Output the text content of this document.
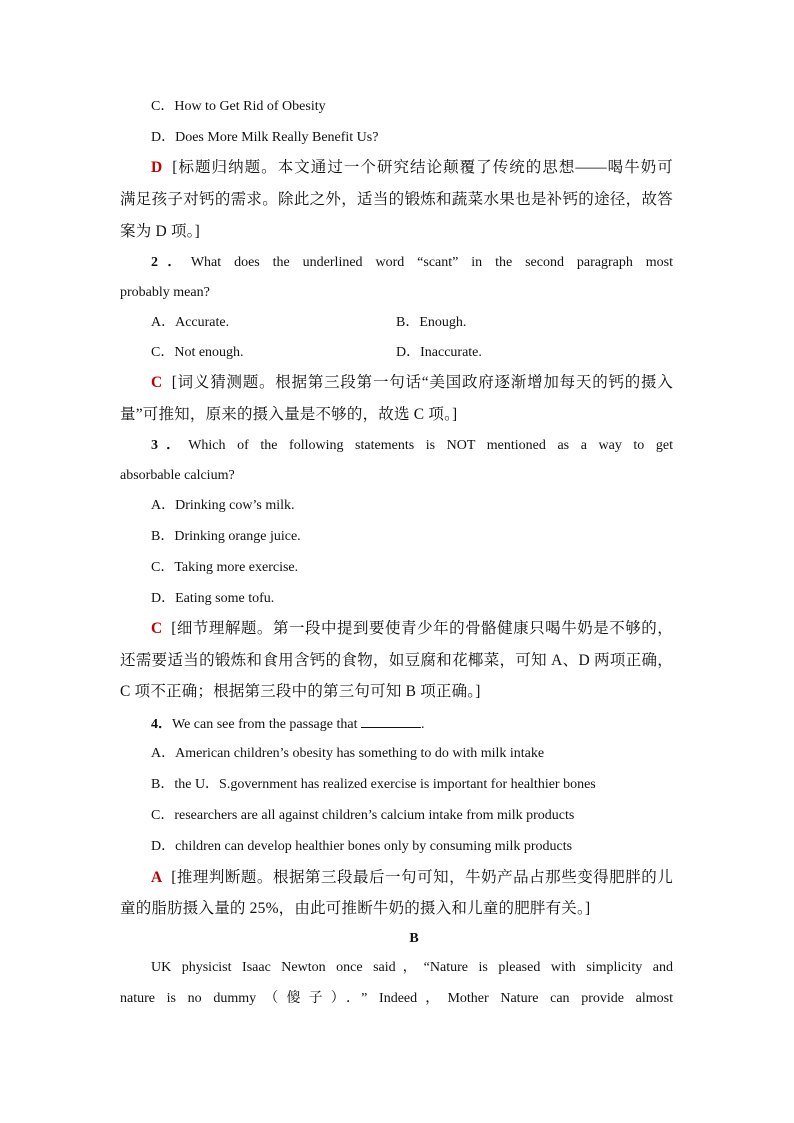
C．How to Get Rid of Obesity
D．Does More Milk Really Benefit Us?
D [标题归纳题。本文通过一个研究结论颠覆了传统的思想——喝牛奶可
满足孩子对钙的需求。除此之外，适当的锻炼和蔬菜水果也是补钙的途径，故答
案为 D 项。]
2．What does the underlined word “scant” in the second paragraph most
probably mean?
A．Accurate.	B．Enough.
C．Not enough.	D．Inaccurate.
C [词义猜测题。根据第三段第一句话“美国政府逐渐增加每天的钙的摄入
量”可推知，原来的摄入量是不够的，故选 C 项。]
3．Which of the following statements is NOT mentioned as a way to get
absorbable calcium?
A．Drinking cow’s milk.
B．Drinking orange juice.
C．Taking more exercise.
D．Eating some tofu.
C [细节理解题。第一段中提到要使青少年的骨骼健康只喝牛奶是不够的，
还需要适当的锻炼和食用含钙的食物，如豆腐和花椰菜，可知 A、D 两项正确，
C 项不正确；根据第三段中的第三句可知 B 项正确。]
4．We can see from the passage that	.
A．American children’s obesity has something to do with milk intake
B．the U．S.government has realized exercise is important for healthier bones
C．researchers are all against children’s calcium intake from milk products
D．children can develop healthier bones only by consuming milk products
A [推理判断题。根据第三段最后一句可知，牛奶产品占那些变得肥胖的儿
童的脂肪摄入量的 25%，由此可推断牛奶的摄入和儿童的肥胖有关。]
B
UK physicist Isaac Newton once said，“Nature is pleased with simplicity and
nature is no dummy（傻子）．” Indeed，Mother Nature can provide almost
